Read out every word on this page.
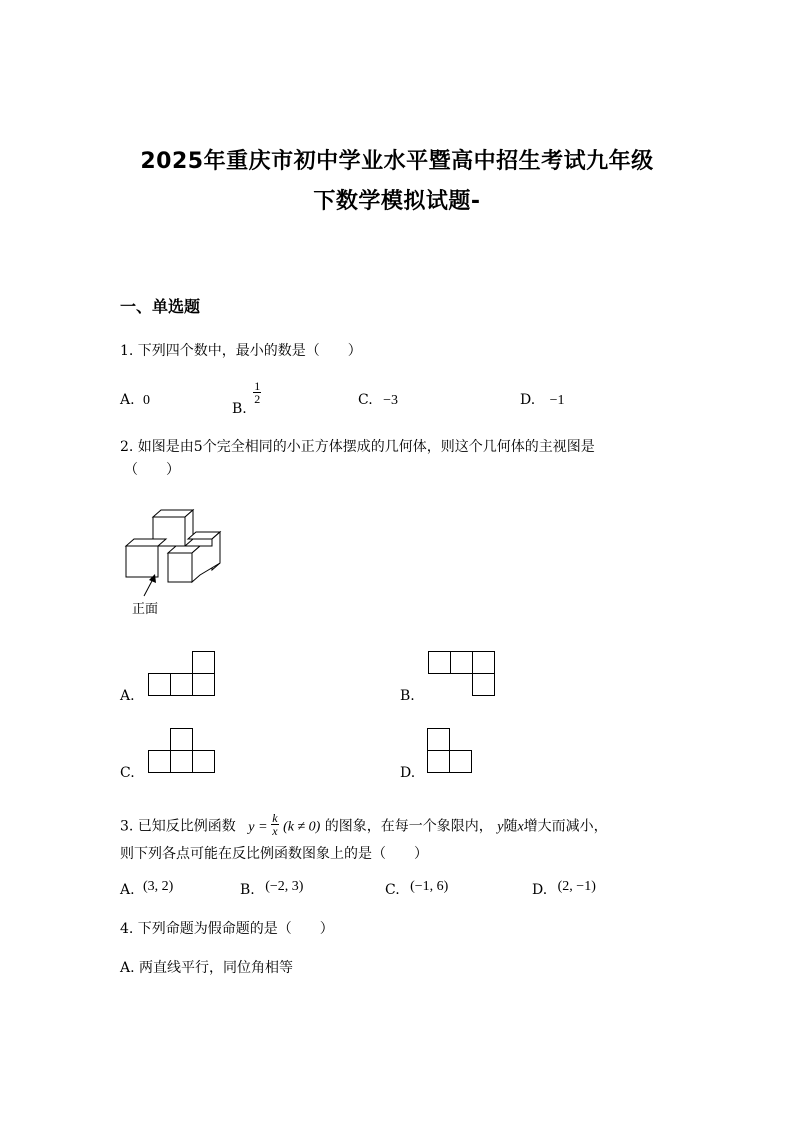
2025年重庆市初中学业水平暨高中招生考试九年级
下数学模拟试题-
一、单选题
1. 下列四个数中，最小的数是（　　）
A. 0	B.
$\frac{1}{2}$	C. −3	D. −1
2. 如图是由5个完全相同的小正方体摆成的几何体，则这个几何体的主视图是
（　　）
正面
A.	B.
C.	D.
3. 已知反比例函数 $y = \frac{k}{x} (k \ne 0)$ 的图象，在每一个象限内， y随x增大而减小，
则下列各点可能在反比例函数图象上的是（　　）
A. (3, 2)	B. (−2, 3)	C. (−1, 6)	D. (2, −1)
4. 下列命题为假命题的是（　　）
A. 两直线平行，同位角相等
